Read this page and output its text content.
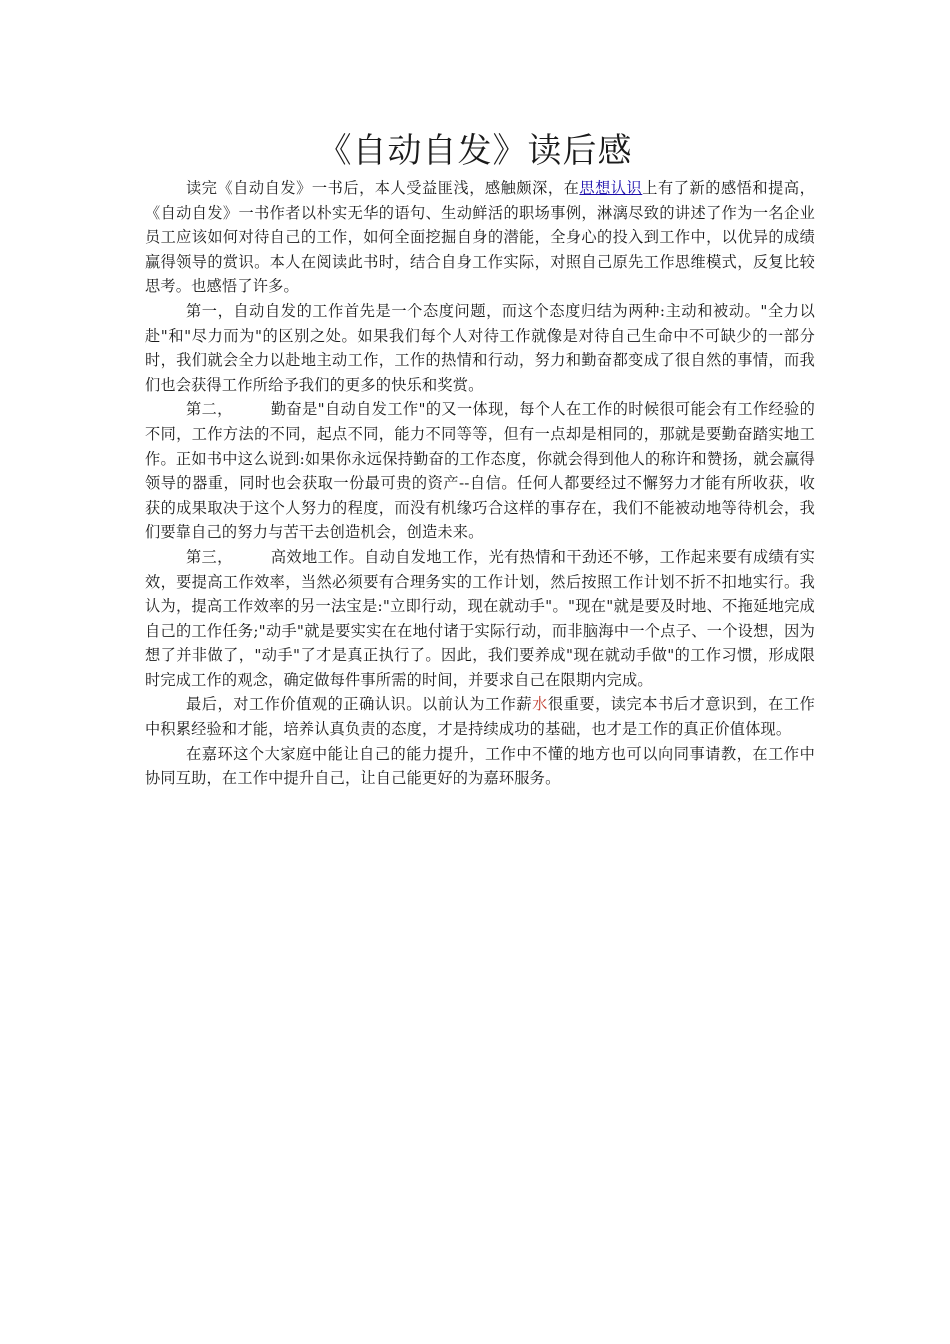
《自动自发》读后感

读完《自动自发》一书后，本人受益匪浅，感触颇深，在思想认识上有了新的感悟和提高，《自动自发》一书作者以朴实无华的语句、生动鲜活的职场事例，淋漓尽致的讲述了作为一名企业员工应该如何对待自己的工作，如何全面挖掘自身的潜能，全身心的投入到工作中，以优异的成绩赢得领导的赏识。本人在阅读此书时，结合自身工作实际，对照自己原先工作思维模式，反复比较思考。也感悟了许多。

第一，自动自发的工作首先是一个态度问题，而这个态度归结为两种:主动和被动。"全力以赴"和"尽力而为"的区别之处。如果我们每个人对待工作就像是对待自己生命中不可缺少的一部分时，我们就会全力以赴地主动工作，工作的热情和行动，努力和勤奋都变成了很自然的事情，而我们也会获得工作所给予我们的更多的快乐和奖赏。

第二，	勤奋是"自动自发工作"的又一体现，每个人在工作的时候很可能会有工作经验的不同，工作方法的不同，起点不同，能力不同等等，但有一点却是相同的，那就是要勤奋踏实地工作。正如书中这么说到:如果你永远保持勤奋的工作态度，你就会得到他人的称许和赞扬，就会赢得领导的器重，同时也会获取一份最可贵的资产--自信。任何人都要经过不懈努力才能有所收获，收获的成果取决于这个人努力的程度，而没有机缘巧合这样的事存在，我们不能被动地等待机会，我们要靠自己的努力与苦干去创造机会，创造未来。

第三，	高效地工作。自动自发地工作，光有热情和干劲还不够，工作起来要有成绩有实效，要提高工作效率，当然必须要有合理务实的工作计划，然后按照工作计划不折不扣地实行。我认为，提高工作效率的另一法宝是:"立即行动，现在就动手"。"现在"就是要及时地、不拖延地完成自己的工作任务;"动手"就是要实实在在地付诸于实际行动，而非脑海中一个点子、一个设想，因为想了并非做了，"动手"了才是真正执行了。因此，我们要养成"现在就动手做"的工作习惯，形成限时完成工作的观念，确定做每件事所需的时间，并要求自己在限期内完成。

最后，对工作价值观的正确认识。以前认为工作薪水很重要，读完本书后才意识到，在工作中积累经验和才能，培养认真负责的态度，才是持续成功的基础，也才是工作的真正价值体现。

在嘉环这个大家庭中能让自己的能力提升，工作中不懂的地方也可以向同事请教，在工作中协同互助，在工作中提升自己，让自己能更好的为嘉环服务。
